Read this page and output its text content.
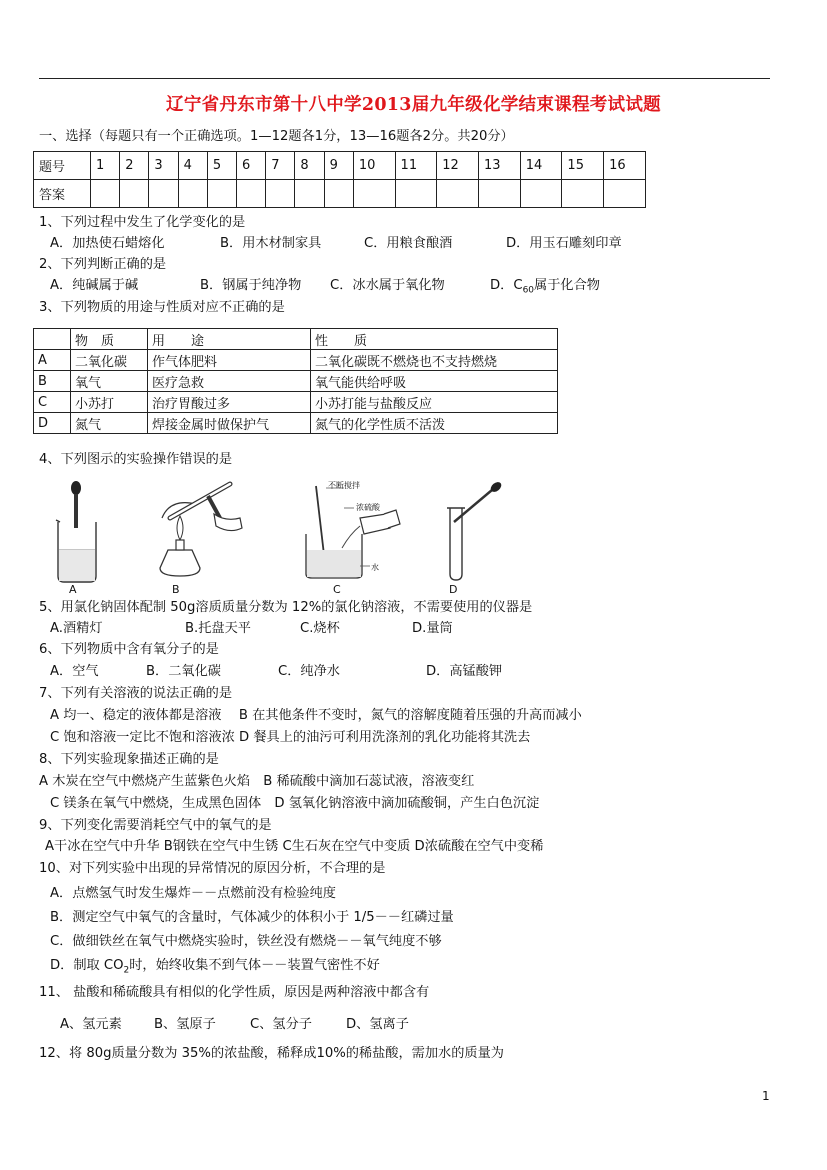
辽宁省丹东市第十八中学2013届九年级化学结束课程考试试题
一、选择（每题只有一个正确选项。1—12题各1分，13—16题各2分。共20分）
题号	1	2	3	4	5	6	7	8	9	10	11	12	13	14	15	16
答案																
1、下列过程中发生了化学变化的是
A．加热使石蜡熔化	B．用木材制家具	C．用粮食酿酒	D．用玉石雕刻印章
2、下列判断正确的是
A．纯碱属于碱	B．钢属于纯净物 C．冰水属于氧化物	D．$C_{60}$属于化合物
3、下列物质的用途与性质对应不正确的是
	物　质	用　　途	性　　质
A	二氧化碳	作气体肥料	二氧化碳既不燃烧也不支持燃烧
B	氧气	医疗急救	氧气能供给呼吸
C	小苏打	治疗胃酸过多	小苏打能与盐酸反应
D	氮气	焊接金属时做保护气	氮气的化学性质不活泼
4、下列图示的实验操作错误的是
A	B
不断搅拌
浓硫酸
水
C	D
5、用氯化钠固体配制 50g溶质质量分数为 12%的氯化钠溶液，不需要使用的仪器是
A.酒精灯	B.托盘天平	C.烧杯	D.量筒
6、下列物质中含有氧分子的是
A．空气	B．二氧化碳	C．纯净水	D．高锰酸钾
7、下列有关溶液的说法正确的是
A 均一、稳定的液体都是溶液　 B 在其他条件不变时，氮气的溶解度随着压强的升高而减小
C 饱和溶液一定比不饱和溶液浓 D 餐具上的油污可利用洗涤剂的乳化功能将其洗去
8、下列实验现象描述正确的是
A 木炭在空气中燃烧产生蓝紫色火焰　B 稀硫酸中滴加石蕊试液，溶液变红
C 镁条在氧气中燃烧，生成黑色固体　D 氢氧化钠溶液中滴加硫酸铜，产生白色沉淀
9、下列变化需要消耗空气中的氧气的是
A干冰在空气中升华 B钢铁在空气中生锈 C生石灰在空气中变质 D浓硫酸在空气中变稀
10、对下列实验中出现的异常情况的原因分析，不合理的是
A．点燃氢气时发生爆炸－－点燃前没有检验纯度
B．测定空气中氧气的含量时，气体减少的体积小于 1/5－－红磷过量
C．做细铁丝在氧气中燃烧实验时，铁丝没有燃烧－－氧气纯度不够
D．制取 $CO_2$时，始终收集不到气体－－装置气密性不好
11、 盐酸和稀硫酸具有相似的化学性质，原因是两种溶液中都含有
A、氢元素 B、氢原子	C、氢分子	D、氢离子
12、将 80g质量分数为 35%的浓盐酸，稀释成10%的稀盐酸，需加水的质量为
1
